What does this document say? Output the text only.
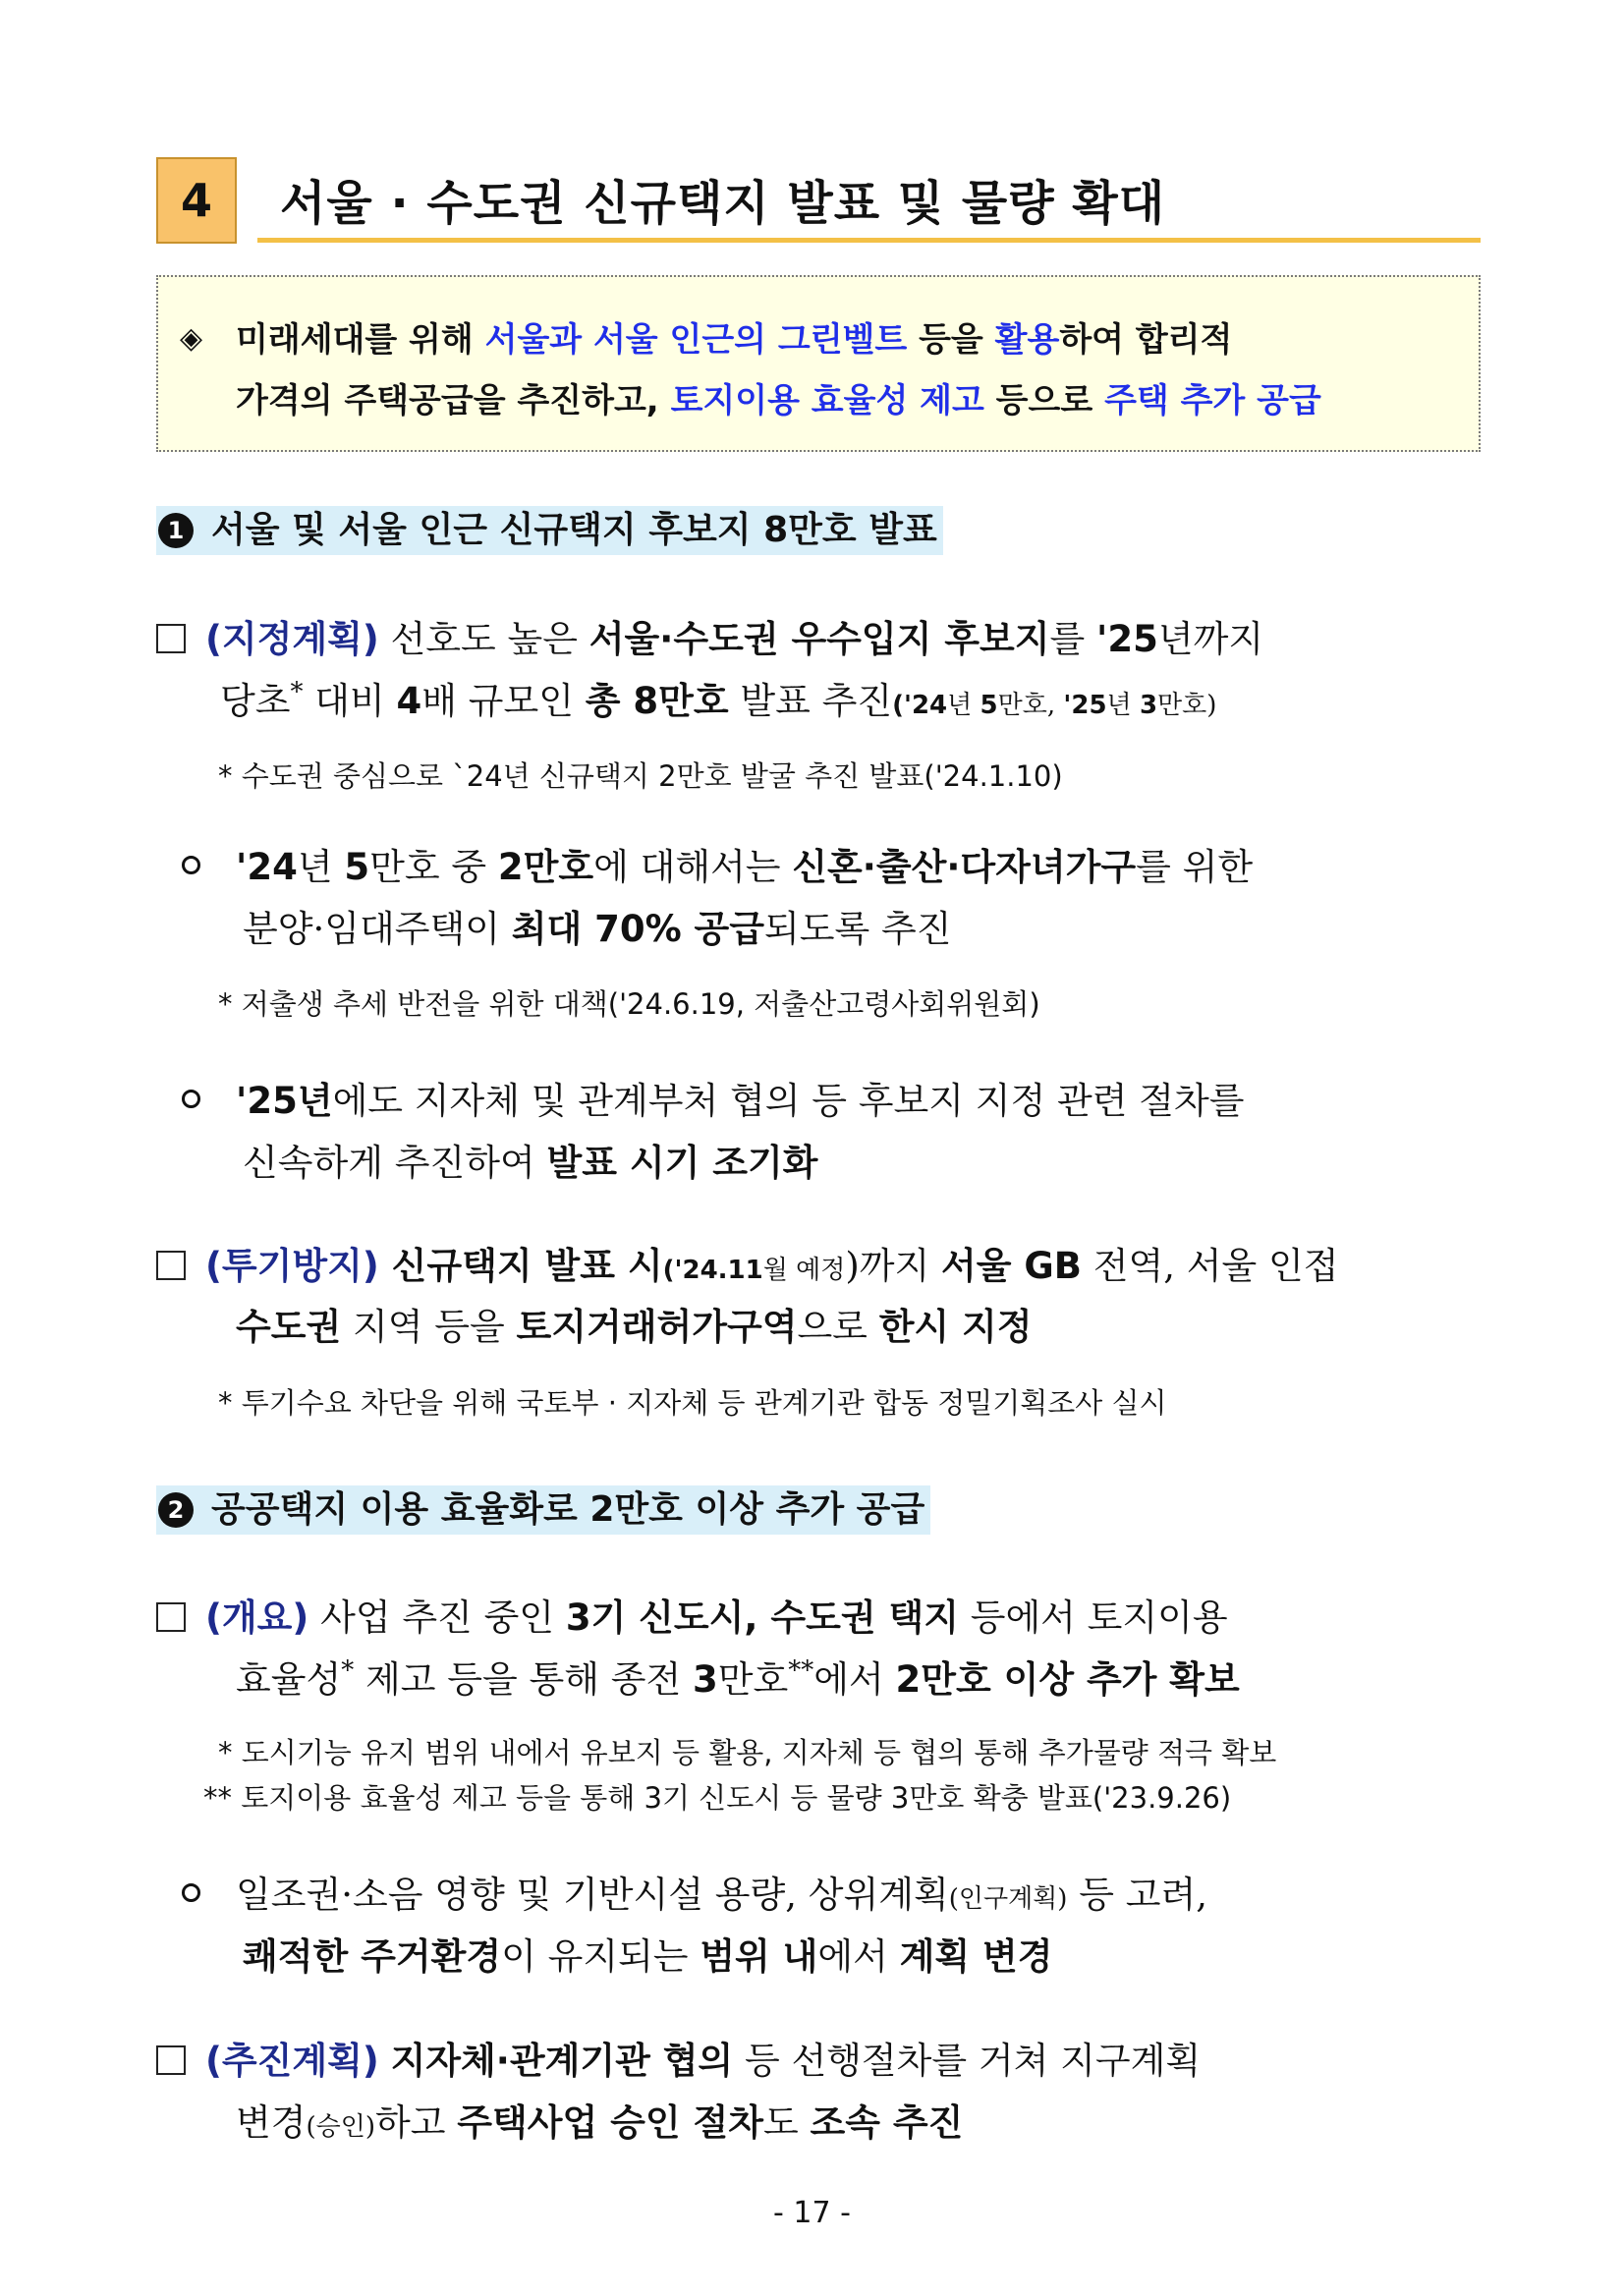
4 서울 · 수도권 신규택지 발표 및 물량 확대
◈ 미래세대를 위해 서울과 서울 인근의 그린벨트 등을 활용하여 합리적
가격의 주택공급을 추진하고, 토지이용 효율성 제고 등으로 주택 추가 공급
1 서울 및 서울 인근 신규택지 후보지 8만호 발표
(지정계획) 선호도 높은 서울·수도권 우수입지 후보지를 '25년까지
당초* 대비 4배 규모인 총 8만호 발표 추진('24년 5만호, '25년 3만호)
* 수도권 중심으로 `24년 신규택지 2만호 발굴 추진 발표('24.1.10)
'24년 5만호 중 2만호에 대해서는 신혼·출산·다자녀가구를 위한
분양·임대주택이 최대 70% 공급되도록 추진
* 저출생 추세 반전을 위한 대책('24.6.19, 저출산고령사회위원회)
'25년에도 지자체 및 관계부처 협의 등 후보지 지정 관련 절차를
신속하게 추진하여 발표 시기 조기화
(투기방지) 신규택지 발표 시('24.11월 예정)까지 서울 GB 전역, 서울 인접
수도권 지역 등을 토지거래허가구역으로 한시 지정
* 투기수요 차단을 위해 국토부 · 지자체 등 관계기관 합동 정밀기획조사 실시
2 공공택지 이용 효율화로 2만호 이상 추가 공급
(개요) 사업 추진 중인 3기 신도시, 수도권 택지 등에서 토지이용
효율성* 제고 등을 통해 종전 3만호**에서 2만호 이상 추가 확보
* 도시기능 유지 범위 내에서 유보지 등 활용, 지자체 등 협의 통해 추가물량 적극 확보
** 토지이용 효율성 제고 등을 통해 3기 신도시 등 물량 3만호 확충 발표('23.9.26)
일조권·소음 영향 및 기반시설 용량, 상위계획(인구계획) 등 고려,
쾌적한 주거환경이 유지되는 범위 내에서 계획 변경
(추진계획) 지자체·관계기관 협의 등 선행절차를 거쳐 지구계획
변경(승인)하고 주택사업 승인 절차도 조속 추진
- 17 -
